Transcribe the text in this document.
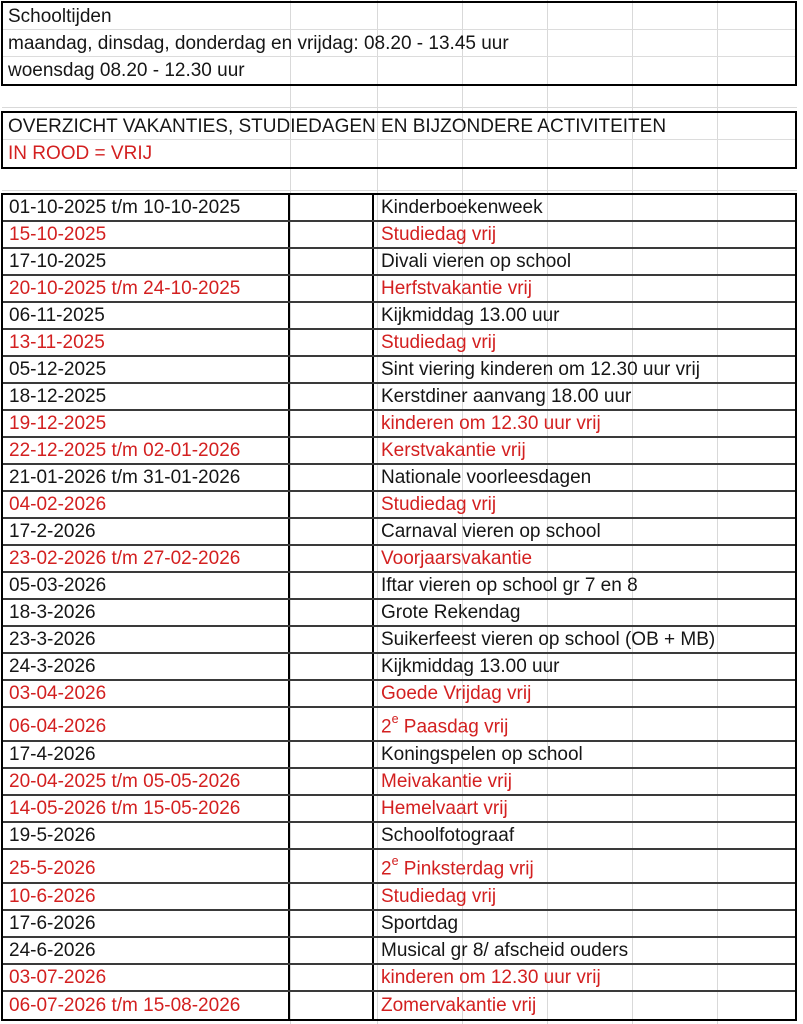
Schooltijden
maandag, dinsdag, donderdag en vrijdag: 08.20 - 13.45 uur
woensdag 08.20 - 12.30 uur
OVERZICHT VAKANTIES, STUDIEDAGEN EN BIJZONDERE ACTIVITEITEN
IN ROOD = VRIJ
01-10-2025 t/m 10-10-2025	Kinderboekenweek
15-10-2025	Studiedag vrij
17-10-2025	Divali vieren op school
20-10-2025 t/m 24-10-2025	Herfstvakantie vrij
06-11-2025	Kijkmiddag 13.00 uur
13-11-2025	Studiedag vrij
05-12-2025	Sint viering kinderen om 12.30 uur vrij
18-12-2025	Kerstdiner aanvang 18.00 uur
19-12-2025	kinderen om 12.30 uur vrij
22-12-2025 t/m 02-01-2026	Kerstvakantie vrij
21-01-2026 t/m 31-01-2026	Nationale voorleesdagen
04-02-2026	Studiedag vrij
17-2-2026	Carnaval vieren op school
23-02-2026 t/m 27-02-2026	Voorjaarsvakantie
05-03-2026	Iftar vieren op school gr 7 en 8
18-3-2026	Grote Rekendag
23-3-2026	Suikerfeest vieren op school (OB + MB)
24-3-2026	Kijkmiddag 13.00 uur
03-04-2026	Goede Vrijdag vrij
06-04-2026	2e Paasdag vrij
17-4-2026	Koningspelen op school
20-04-2025 t/m 05-05-2026	Meivakantie vrij
14-05-2026 t/m 15-05-2026	Hemelvaart vrij
19-5-2026	Schoolfotograaf
25-5-2026	2e Pinksterdag vrij
10-6-2026	Studiedag vrij
17-6-2026	Sportdag
24-6-2026	Musical gr 8/ afscheid ouders
03-07-2026	kinderen om 12.30 uur vrij
06-07-2026 t/m 15-08-2026	Zomervakantie vrij
